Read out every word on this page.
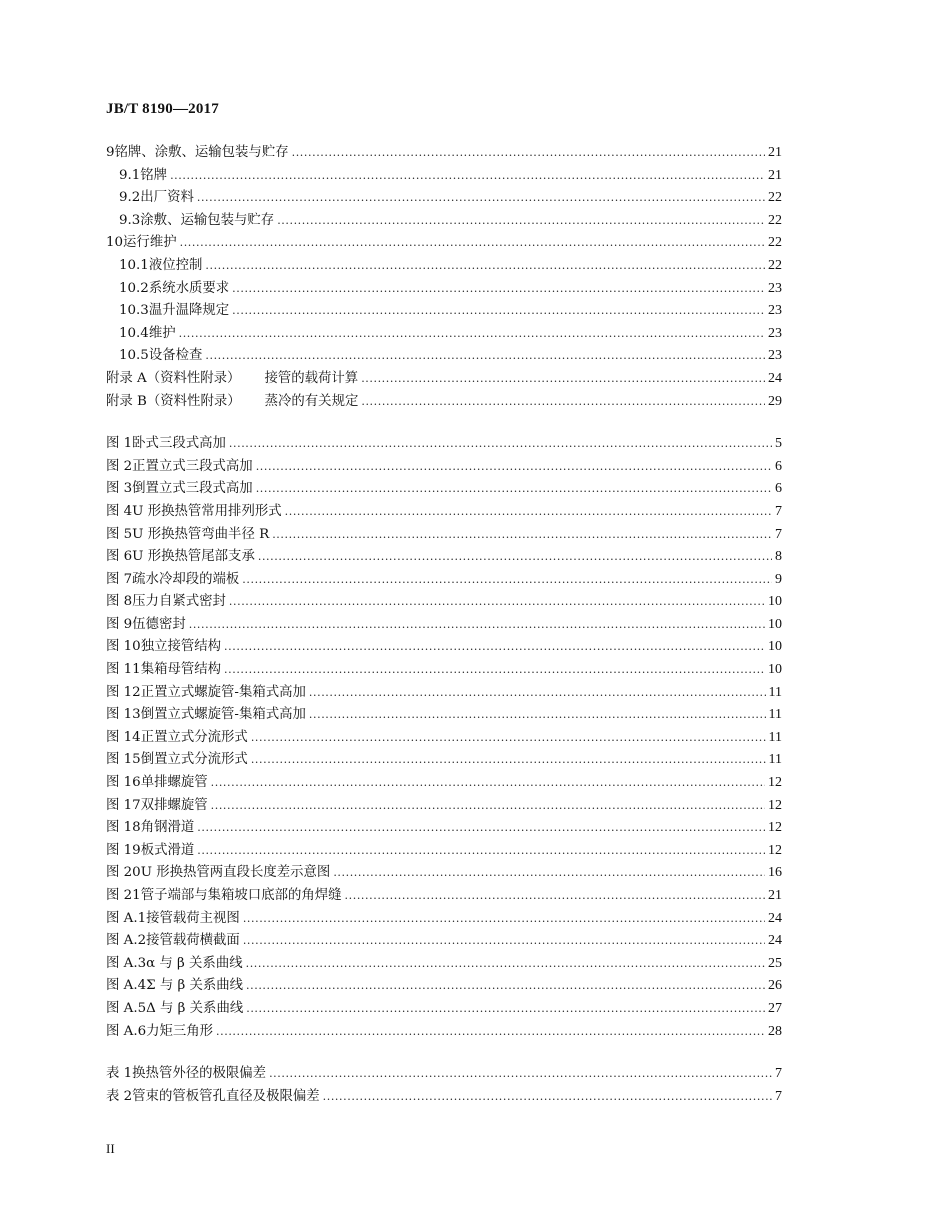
JB/T 8190—2017
9 铭牌、涂敷、运输包装与贮存 .....	21
9.1 铭牌 .....	21
9.2 出厂资料 .....	22
9.3 涂敷、运输包装与贮存 .....	22
10 运行维护 .....	22
10.1 液位控制 .....	22
10.2 系统水质要求 .....	23
10.3 温升温降规定 .....	23
10.4 维护 .....	23
10.5 设备检查 .....	23
附录 A（资料性附录） 接管的载荷计算 .....	24
附录 B（资料性附录） 蒸冷的有关规定 .....	29
图 1 卧式三段式高加 .....	5
图 2 正置立式三段式高加 .....	6
图 3 倒置立式三段式高加 .....	6
图 4 U 形换热管常用排列形式 .....	7
图 5 U 形换热管弯曲半径 R .....	7
图 6 U 形换热管尾部支承 .....	8
图 7 疏水冷却段的端板 .....	9
图 8 压力自紧式密封 .....	10
图 9 伍德密封 .....	10
图 10 独立接管结构 .....	10
图 11 集箱母管结构 .....	10
图 12 正置立式螺旋管-集箱式高加 .....	11
图 13 倒置立式螺旋管-集箱式高加 .....	11
图 14 正置立式分流形式 .....	11
图 15 倒置立式分流形式 .....	11
图 16 单排螺旋管 .....	12
图 17 双排螺旋管 .....	12
图 18 角钢滑道 .....	12
图 19 板式滑道 .....	12
图 20 U 形换热管两直段长度差示意图 .....	16
图 21 管子端部与集箱坡口底部的角焊缝 .....	21
图 A.1 接管载荷主视图 .....	24
图 A.2 接管载荷横截面 .....	24
图 A.3 α 与 β 关系曲线 .....	25
图 A.4 Σ 与 β 关系曲线 .....	26
图 A.5 Δ 与 β 关系曲线 .....	27
图 A.6 力矩三角形 .....	28
表 1 换热管外径的极限偏差 .....	7
表 2 管束的管板管孔直径及极限偏差 .....	7
II
